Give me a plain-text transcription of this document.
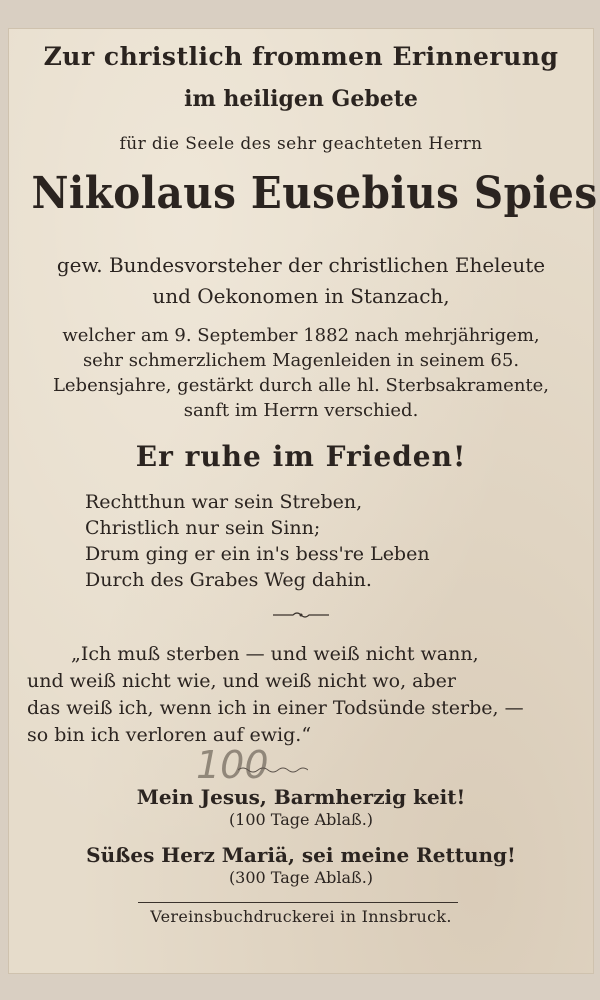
Zur christlich frommen Erinnerung
im heiligen Gebete
für die Seele des sehr geachteten Herrn
Nikolaus Eusebius Spies
gew. Bundesvorsteher der christlichen Eheleute
und Oekonomen in Stanzach,
welcher am 9. September 1882 nach mehrjährigem,
sehr schmerzlichem Magenleiden in seinem 65.
Lebensjahre, gestärkt durch alle hl. Sterbsakramente,
sanft im Herrn verschied.
Er ruhe im Frieden!
Rechtthun war sein Streben,
Christlich nur sein Sinn;
Drum ging er ein in's bess're Leben
Durch des Grabes Weg dahin.
„Ich muß sterben — und weiß nicht wann,
und weiß nicht wie, und weiß nicht wo, aber
das weiß ich, wenn ich in einer Todsünde sterbe, —
so bin ich verloren auf ewig.“
100
Mein Jesus, Barmherzig keit!
(100 Tage Ablaß.)
Süßes Herz Mariä, sei meine Rettung!
(300 Tage Ablaß.)
Vereinsbuchdruckerei in Innsbruck.
